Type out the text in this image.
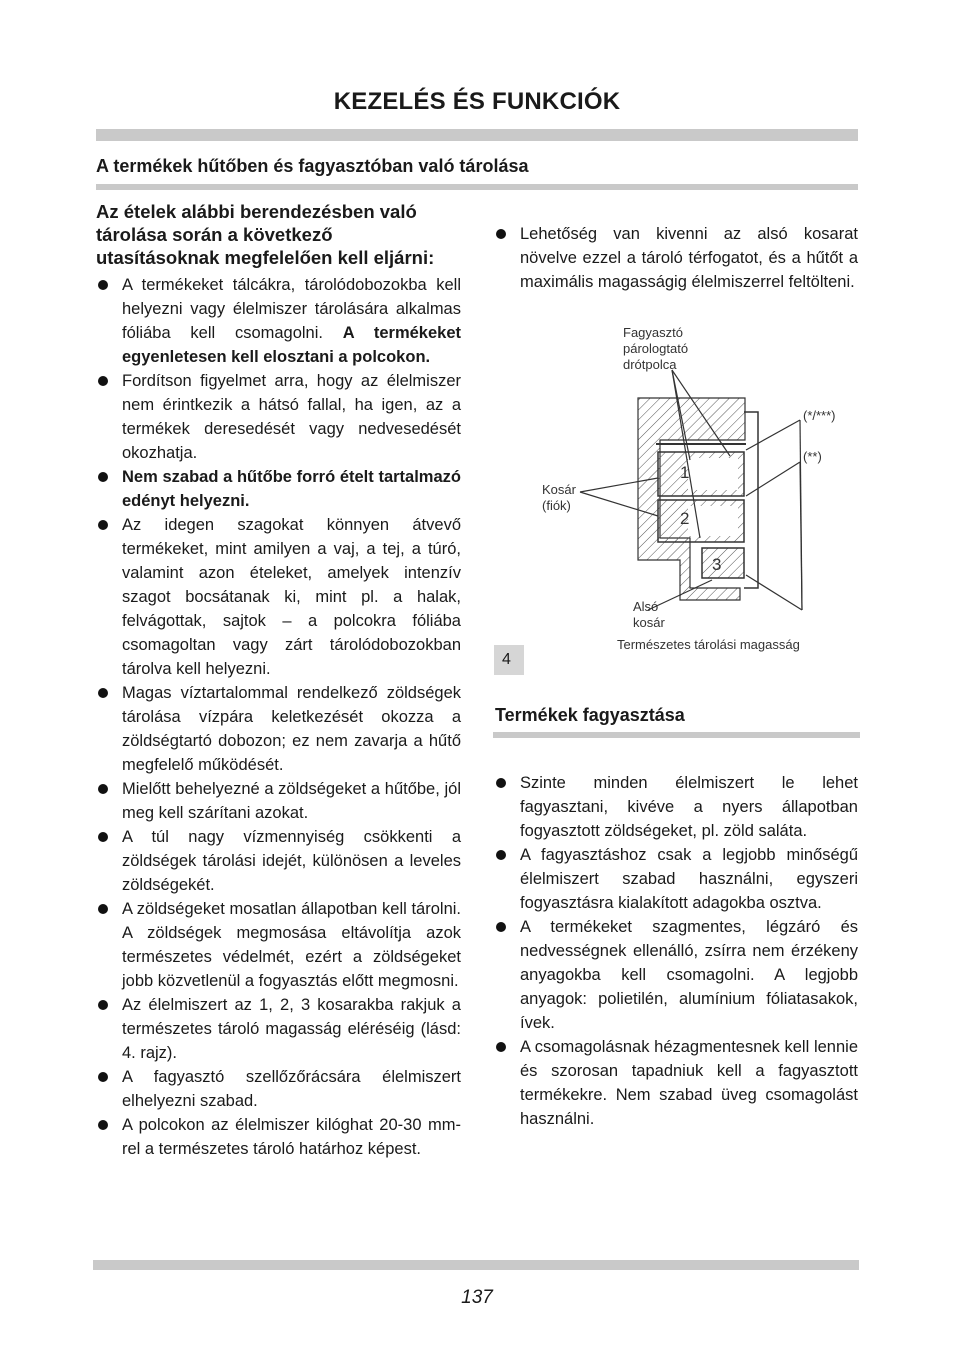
KEZELÉS ÉS FUNKCIÓK
A termékek hűtőben és fagyasztóban való tárolása

Az ételek alábbi berendezésben való tárolása során a következő utasításoknak megfelelően kell eljárni:

A termékeket tálcákra, tárolódobozokba kell helyezni vagy élelmiszer tárolására alkalmas fóliába kell csomagolni. A termékeket egyenletesen kell elosztani a polcokon.
Fordítson figyelmet arra, hogy az élelmiszer nem érintkezik a hátsó fallal, ha igen, az a termékek deresedését vagy nedvesedését okozhatja.
Nem szabad a hűtőbe forró ételt tartalmazó edényt helyezni.
Az idegen szagokat könnyen átvevő termékeket, mint amilyen a vaj, a tej, a túró, valamint azon ételeket, amelyek intenzív szagot bocsátanak ki, mint pl. a halak, felvágottak, sajtok – a polcokra fóliába csomagoltan vagy zárt tárolódobozokban tárolva kell helyezni.
Magas víztartalommal rendelkező zöldségek tárolása vízpára keletkezését okozza a zöldségtartó dobozon; ez nem zavarja a hűtő megfelelő működését.
Mielőtt behelyezné a zöldségeket a hűtőbe, jól meg kell szárítani azokat.
A túl nagy vízmennyiség csökkenti a zöldségek tárolási idejét, különösen a leveles zöldségekét.
A zöldségeket mosatlan állapotban kell tárolni. A zöldségek megmosása eltávolítja azok természetes védelmét, ezért a zöldségeket jobb közvetlenül a fogyasztás előtt megmosni.
Az élelmiszert az 1, 2, 3 kosarakba rakjuk a természetes tároló magasság eléréséig (lásd: 4. rajz).
A fagyasztó szellőzőrácsára élelmiszert elhelyezni szabad.
A polcokon az élelmiszer kilóghat 20-30 mm-rel a természetes tároló határhoz képest.
Lehetőség van kivenni az alsó kosarat növelve ezzel a tároló térfogatot, és a hűtőt a maximális magasságig élelmiszerrel feltölteni.
1
2
3
Fagyasztó
párologtató
drótpolca
(*/***)
(**)
Kosár
(fiók)
Alsó
kosár
Természetes tárolási magasság
4
Termékek fagyasztása
Szinte minden élelmiszert le lehet fagyasztani, kivéve a nyers állapotban fogyasztott zöldségeket, pl. zöld saláta.
A fagyasztáshoz csak a legjobb minőségű élelmiszert szabad használni, egyszeri fogyasztásra kialakított adagokba osztva.
A termékeket szagmentes, légzáró és nedvességnek ellenálló, zsírra nem érzékeny anyagokba kell csomagolni. A legjobb anyagok: polietilén, alumínium fóliatasakok, ívek.
A csomagolásnak hézagmentesnek kell lennie és szorosan tapadniuk kell a fagyasztott termékekre. Nem szabad üveg csomagolást használni.
137
